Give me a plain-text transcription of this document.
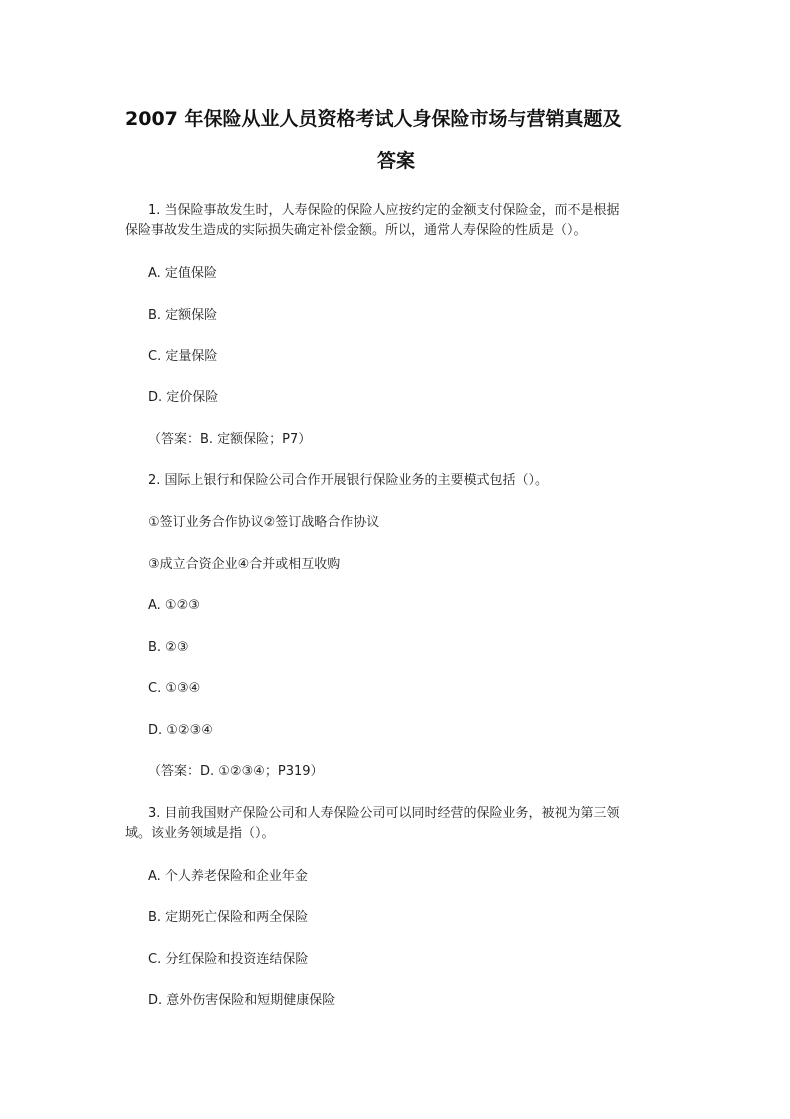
2007 年保险从业人员资格考试人身保险市场与营销真题及
答案
1. 当保险事故发生时，人寿保险的保险人应按约定的金额支付保险金，而不是根据
保险事故发生造成的实际损失确定补偿金额。所以，通常人寿保险的性质是（）。
A. 定值保险
B. 定额保险
C. 定量保险
D. 定价保险
（答案：B. 定额保险；P7）
2. 国际上银行和保险公司合作开展银行保险业务的主要模式包括（）。
①签订业务合作协议②签订战略合作协议
③成立合资企业④合并或相互收购
A. ①②③
B. ②③
C. ①③④
D. ①②③④
（答案：D. ①②③④；P319）
3. 目前我国财产保险公司和人寿保险公司可以同时经营的保险业务，被视为第三领
域。该业务领域是指（）。
A. 个人养老保险和企业年金
B. 定期死亡保险和两全保险
C. 分红保险和投资连结保险
D. 意外伤害保险和短期健康保险
